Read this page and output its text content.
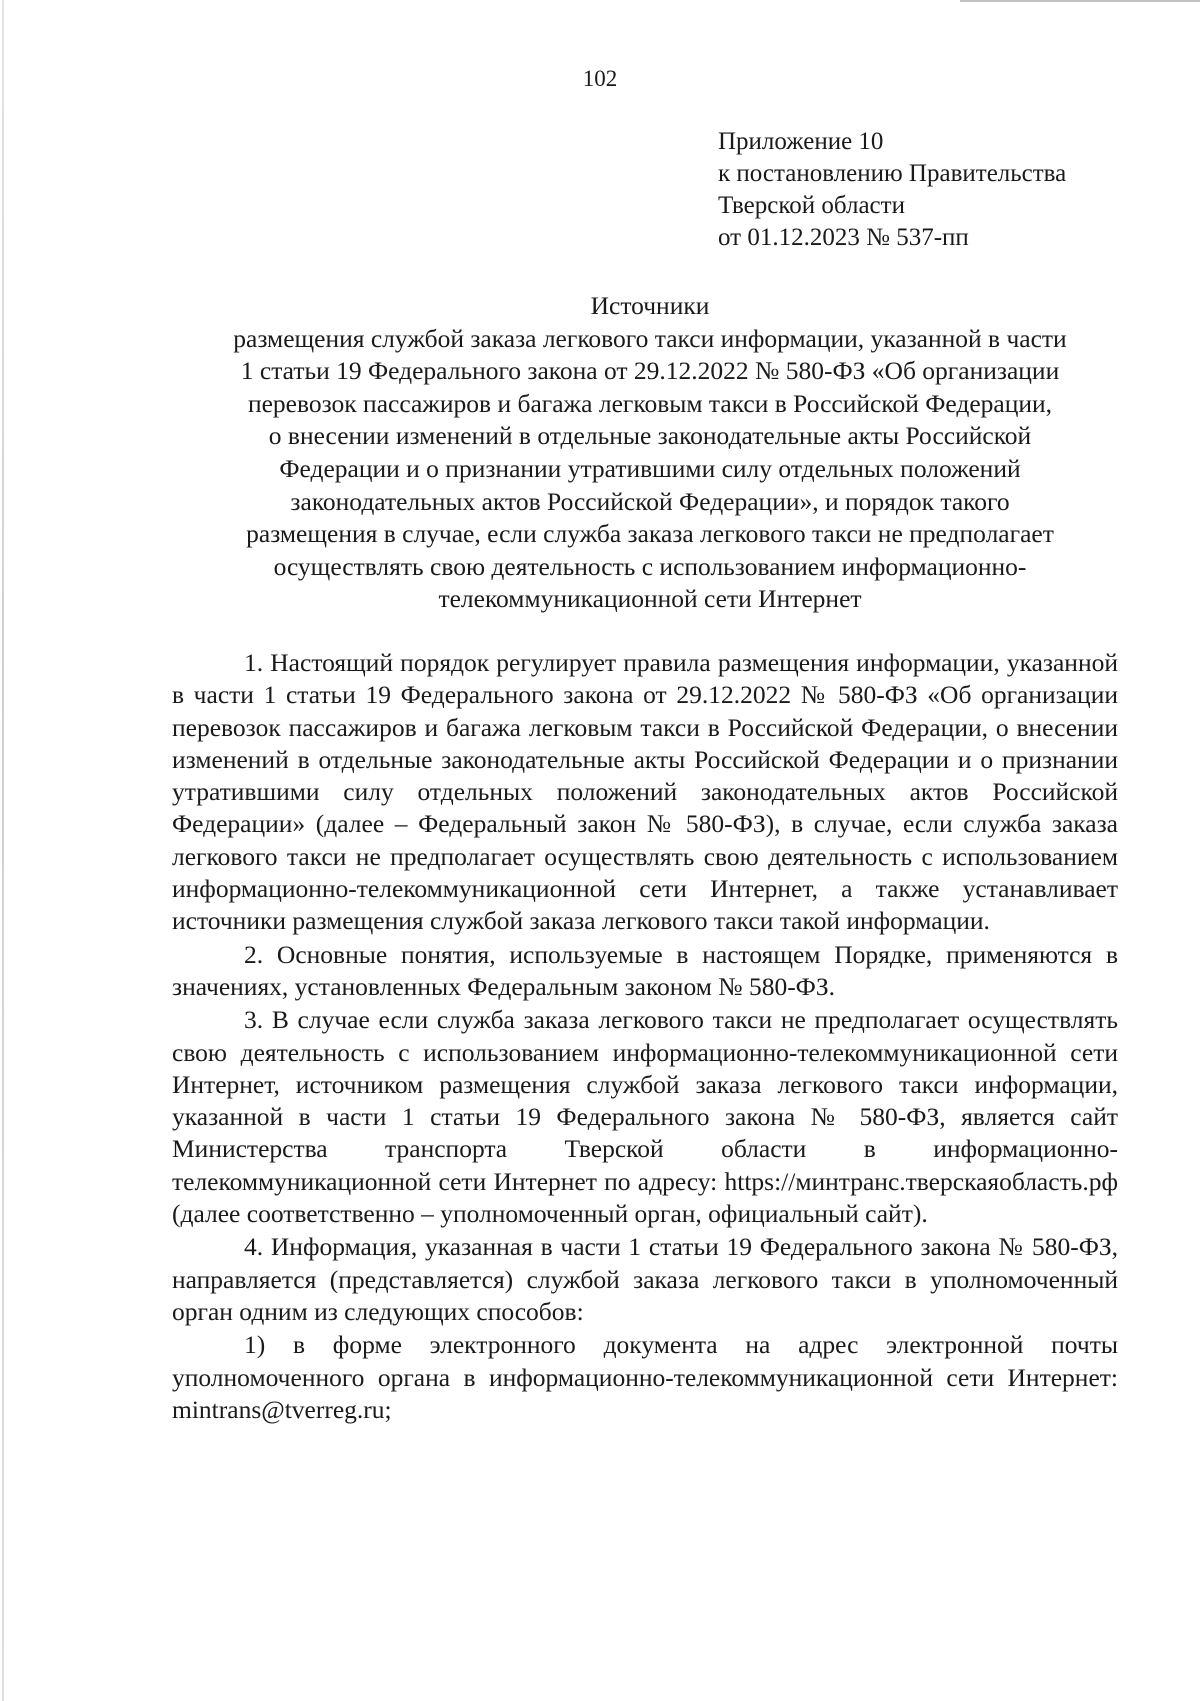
102
Приложение 10
к постановлению Правительства
Тверской области
от 01.12.2023 № 537-пп
Источники
размещения службой заказа легкового такси информации, указанной в части
1 статьи 19 Федерального закона от 29.12.2022 № 580-ФЗ «Об организации
перевозок пассажиров и багажа легковым такси в Российской Федерации,
о внесении изменений в отдельные законодательные акты Российской
Федерации и о признании утратившими силу отдельных положений
законодательных актов Российской Федерации», и порядок такого
размещения в случае, если служба заказа легкового такси не предполагает
осуществлять свою деятельность с использованием информационно-
телекоммуникационной сети Интернет

1. Настоящий порядок регулирует правила размещения информации, указанной в части 1 статьи 19 Федерального закона от 29.12.2022 № 580-ФЗ «Об организации перевозок пассажиров и багажа легковым такси в Российской Федерации, о внесении изменений в отдельные законодательные акты Российской Федерации и о признании утратившими силу отдельных положений законодательных актов Российской Федерации» (далее – Федеральный закон № 580-ФЗ), в случае, если служба заказа легкового такси не предполагает осуществлять свою деятельность с использованием информационно-телекоммуникационной сети Интернет, а также устанавливает источники размещения службой заказа легкового такси такой информации.

2. Основные понятия, используемые в настоящем Порядке, применяются в значениях, установленных Федеральным законом № 580-ФЗ.

3. В случае если служба заказа легкового такси не предполагает осуществлять свою деятельность с использованием информационно-телекоммуникационной сети Интернет, источником размещения службой заказа легкового такси информации, указанной в части 1 статьи 19 Федерального закона № 580-ФЗ, является сайт Министерства транспорта Тверской области в информационно-телекоммуникационной сети Интернет по адресу: https://минтранс.тверскаяобласть.рф (далее соответственно – уполномоченный орган, официальный сайт).

4. Информация, указанная в части 1 статьи 19 Федерального закона № 580-ФЗ, направляется (представляется) службой заказа легкового такси в уполномоченный орган одним из следующих способов:

1) в форме электронного документа на адрес электронной почты уполномоченного органа в информационно-телекоммуникационной сети Интернет: mintrans@tverreg.ru;
